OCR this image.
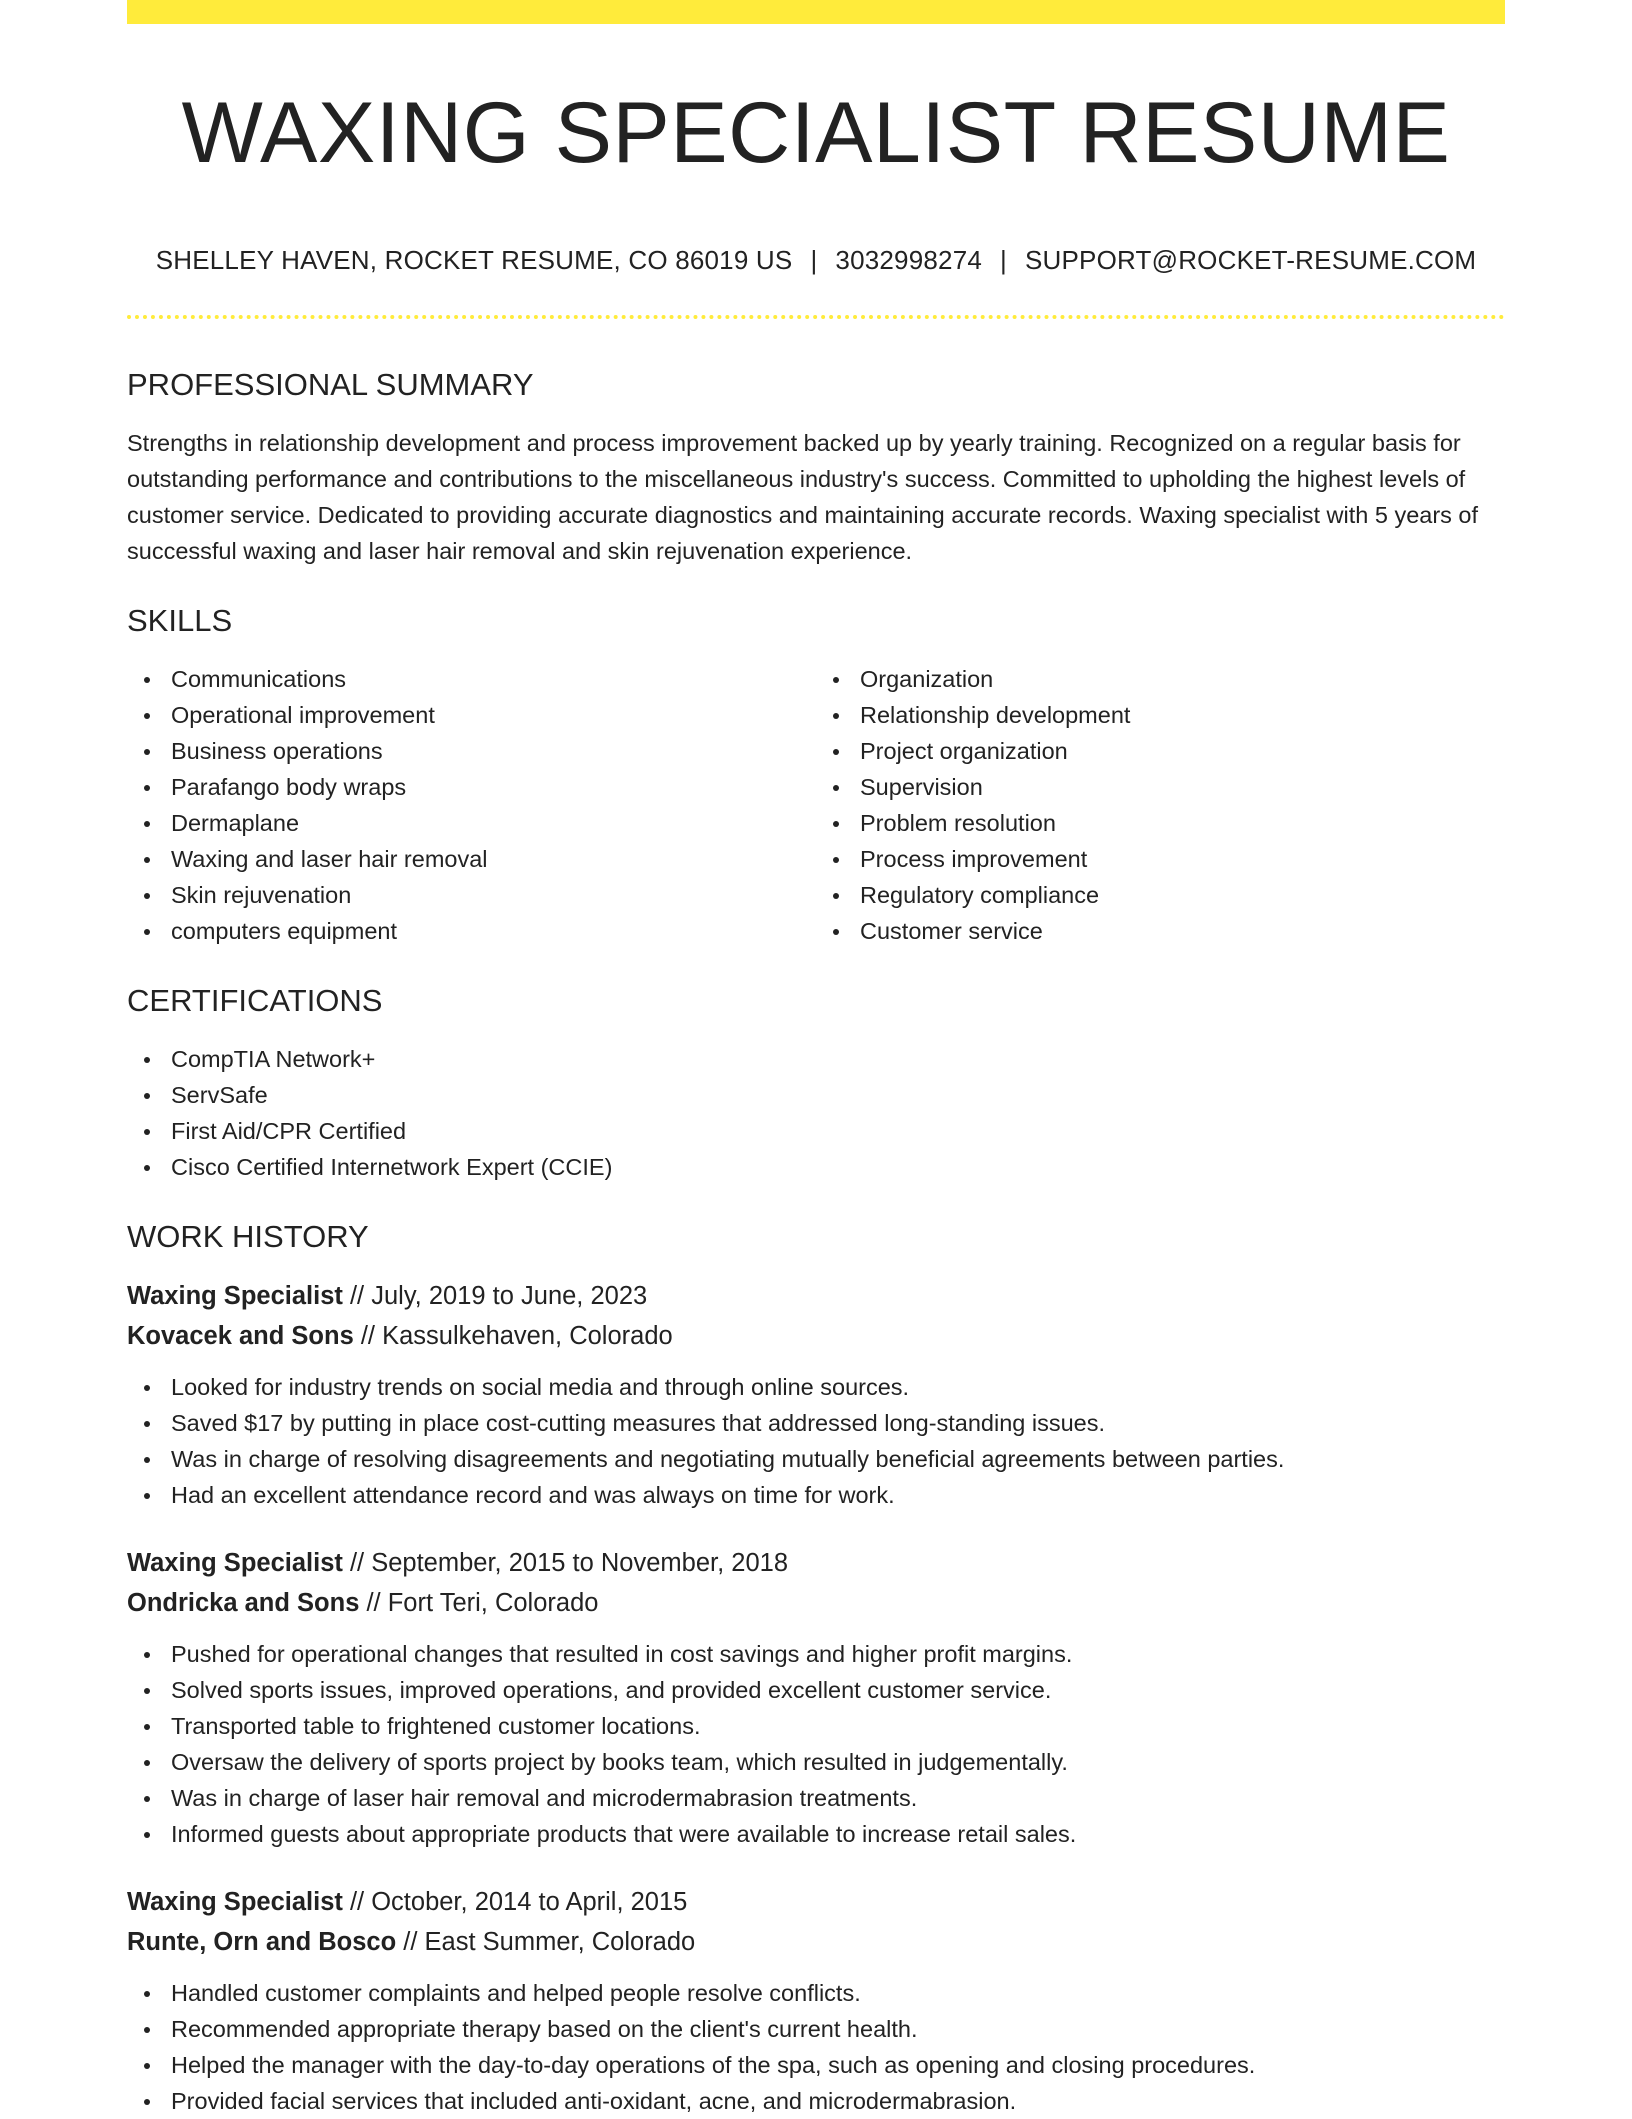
WAXING SPECIALIST RESUME
SHELLEY HAVEN, ROCKET RESUME, CO 86019 US | 3032998274 | SUPPORT@ROCKET-RESUME.COM
PROFESSIONAL SUMMARY

Strengths in relationship development and process improvement backed up by yearly training. Recognized on a regular basis for outstanding performance and contributions to the miscellaneous industry's success. Committed to upholding the highest levels of customer service. Dedicated to providing accurate diagnostics and maintaining accurate records. Waxing specialist with 5 years of successful waxing and laser hair removal and skin rejuvenation experience.

SKILLS
Communications
Operational improvement
Business operations
Parafango body wraps
Dermaplane
Waxing and laser hair removal
Skin rejuvenation
computers equipment
Organization
Relationship development
Project organization
Supervision
Problem resolution
Process improvement
Regulatory compliance
Customer service
CERTIFICATIONS
CompTIA Network+
ServSafe
First Aid/CPR Certified
Cisco Certified Internetwork Expert (CCIE)
WORK HISTORY
Waxing Specialist // July, 2019 to June, 2023
Kovacek and Sons // Kassulkehaven, Colorado
Looked for industry trends on social media and through online sources.
Saved $17 by putting in place cost-cutting measures that addressed long-standing issues.
Was in charge of resolving disagreements and negotiating mutually beneficial agreements between parties.
Had an excellent attendance record and was always on time for work.
Waxing Specialist // September, 2015 to November, 2018
Ondricka and Sons // Fort Teri, Colorado
Pushed for operational changes that resulted in cost savings and higher profit margins.
Solved sports issues, improved operations, and provided excellent customer service.
Transported table to frightened customer locations.
Oversaw the delivery of sports project by books team, which resulted in judgementally.
Was in charge of laser hair removal and microdermabrasion treatments.
Informed guests about appropriate products that were available to increase retail sales.
Waxing Specialist // October, 2014 to April, 2015
Runte, Orn and Bosco // East Summer, Colorado
Handled customer complaints and helped people resolve conflicts.
Recommended appropriate therapy based on the client's current health.
Helped the manager with the day-to-day operations of the spa, such as opening and closing procedures.
Provided facial services that included anti-oxidant, acne, and microdermabrasion.
